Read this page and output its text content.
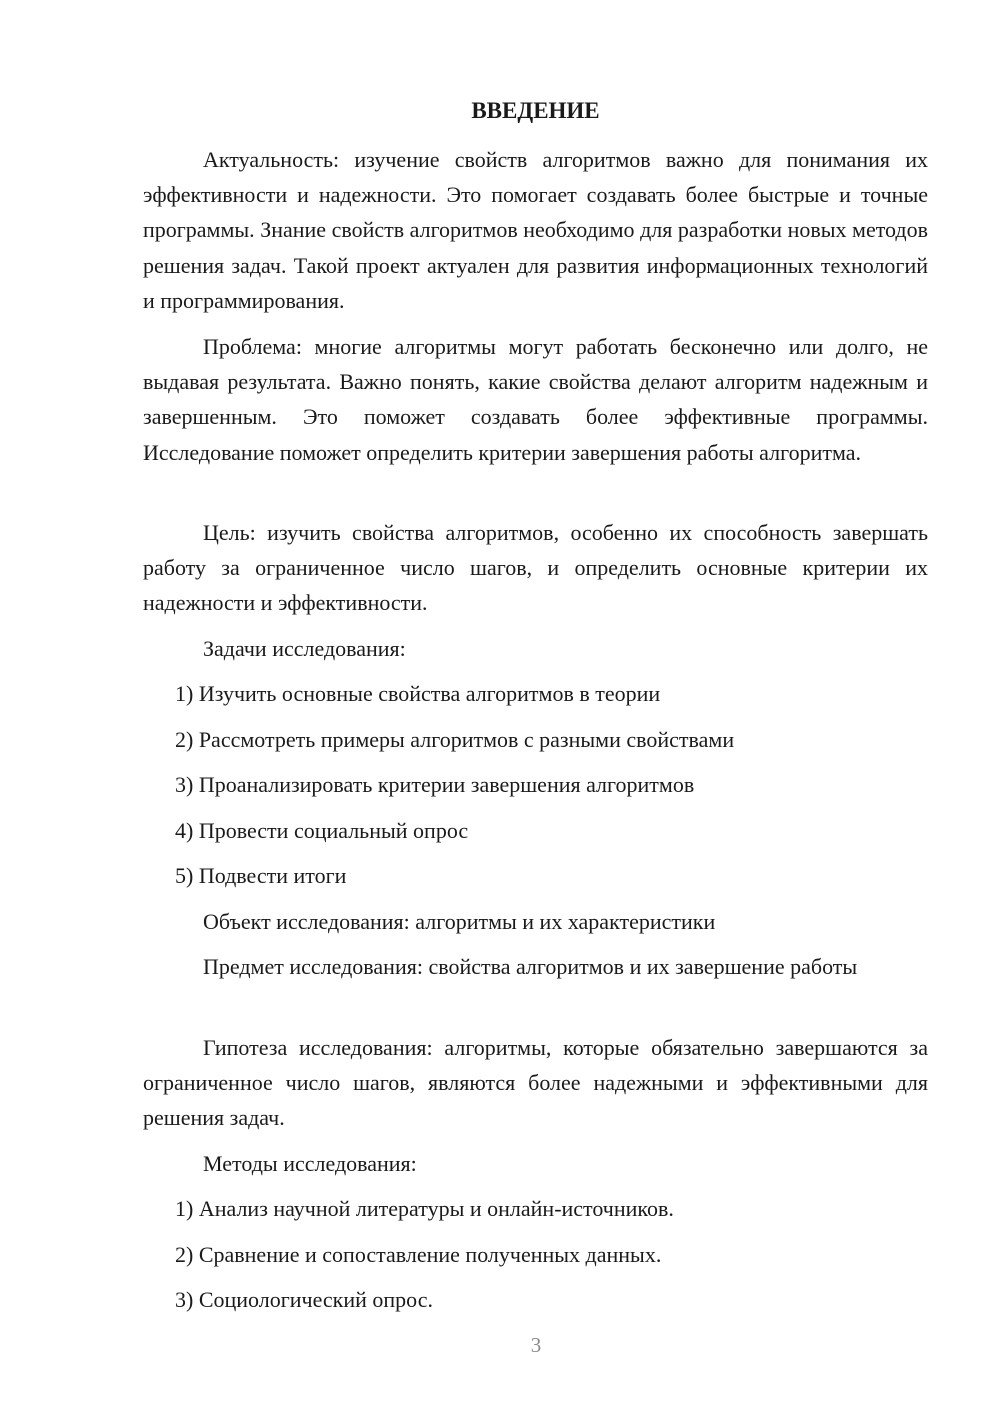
ВВЕДЕНИЕ

Актуальность: изучение свойств алгоритмов важно для понимания их эффективности и надежности. Это помогает создавать более быстрые и точные программы. Знание свойств алгоритмов необходимо для разработки новых методов решения задач. Такой проект актуален для развития информационных технологий и программирования.

Проблема: многие алгоритмы могут работать бесконечно или долго, не выдавая результата. Важно понять, какие свойства делают алгоритм надежным и завершенным. Это поможет создавать более эффективные программы. Исследование поможет определить критерии завершения работы алгоритма.

Цель: изучить свойства алгоритмов, особенно их способность завершать работу за ограниченное число шагов, и определить основные критерии их надежности и эффективности.

Задачи исследования:

1) Изучить основные свойства алгоритмов в теории

2) Рассмотреть примеры алгоритмов с разными свойствами

3) Проанализировать критерии завершения алгоритмов

4) Провести социальный опрос

5) Подвести итоги

Объект исследования: алгоритмы и их характеристики

Предмет исследования: свойства алгоритмов и их завершение работы

Гипотеза исследования: алгоритмы, которые обязательно завершаются за ограниченное число шагов, являются более надежными и эффективными для решения задач.

Методы исследования:

1) Анализ научной литературы и онлайн-источников.

2) Сравнение и сопоставление полученных данных.

3) Социологический опрос.

3
